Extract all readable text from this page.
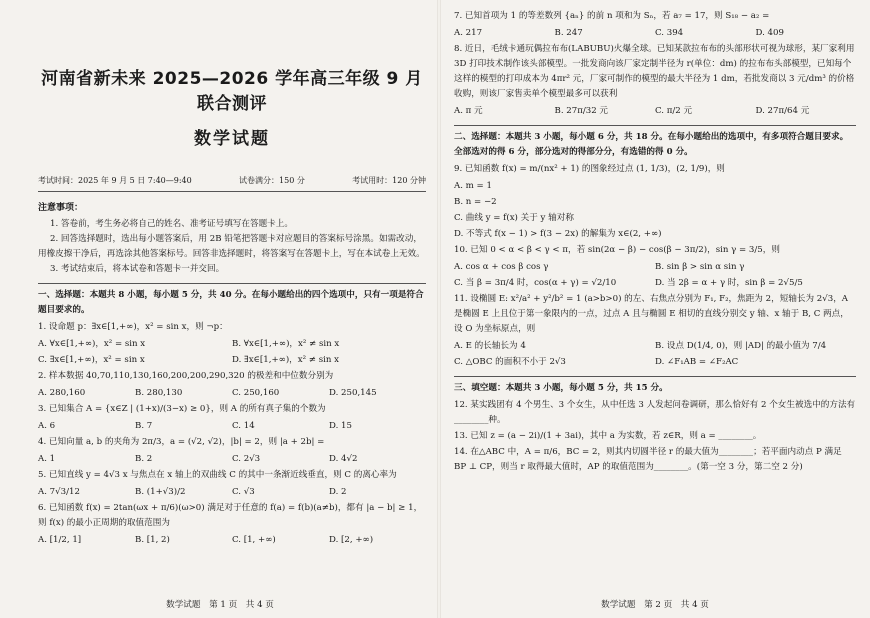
河南省新未来 2025—2026 学年高三年级 9 月联合测评
数学试题
考试时间：2025 年 9 月 5 日 7:40—9:40	试卷满分：150 分	考试用时：120 分钟
注意事项：

1. 答卷前，考生务必将自己的姓名、准考证号填写在答题卡上。

2. 回答选择题时，选出每小题答案后，用 2B 铅笔把答题卡对应题目的答案标号涂黑。如需改动，用橡皮擦干净后，再选涂其他答案标号。回答非选择题时，将答案写在答题卡上，写在本试卷上无效。

3. 考试结束后，将本试卷和答题卡一并交回。

一、选择题：本题共 8 小题，每小题 5 分，共 40 分。在每小题给出的四个选项中，只有一项是符合题目要求的。

1. 设命题 p：∃x∈[1,+∞)，x² = sin x，则 ¬p：

A. ∀x∈[1,+∞)，x² = sin x	B. ∀x∈[1,+∞)，x² ≠ sin x
C. ∃x∈[1,+∞)，x² = sin x	D. ∃x∈[1,+∞)，x² ≠ sin x

2. 样本数据 40,70,110,130,160,200,200,290,320 的极差和中位数分别为

A. 280,160	B. 280,130	C. 250,160	D. 250,145

3. 已知集合 A = {x∈Z | (1+x)/(3−x) ≥ 0}，则 A 的所有真子集的个数为

A. 6	B. 7	C. 14	D. 15

4. 已知向量 a, b 的夹角为 2π/3，a = (√2, √2)，|b| = 2，则 |a + 2b| =

A. 1	B. 2	C. 2√3	D. 4√2

5. 已知直线 y = 4√3 x 与焦点在 x 轴上的双曲线 C 的其中一条渐近线垂直，则 C 的离心率为

A. 7√3/12	B. (1+√3)/2	C. √3	D. 2

6. 已知函数 f(x) = 2tan(ωx + π/6)(ω>0) 满足对于任意的 f(a) = f(b)(a≠b)，都有 |a − b| ≥ 1，则 f(x) 的最小正周期的取值范围为

A. [1/2, 1]	B. [1, 2)	C. [1, +∞)	D. [2, +∞)
数学试题　第 1 页　共 4 页

7. 已知首项为 1 的等差数列 {aₙ} 的前 n 项和为 Sₙ，若 a₇ = 17，则 S₁₈ − a₂ =

A. 217	B. 247	C. 394	D. 409

8. 近日，毛绒卡通玩偶拉布布(LABUBU)火爆全球。已知某款拉布布的头部形状可视为球形，某厂家利用 3D 打印技术制作该头部模型。一批发商向该厂家定制半径为 r(单位：dm) 的拉布布头部模型，已知每个这样的模型的打印成本为 4πr² 元，厂家可制作的模型的最大半径为 1 dm，若批发商以 3 元/dm³ 的价格收购，则该厂家售卖单个模型最多可以获利

A. π 元	B. 27π/32 元	C. π/2 元	D. 27π/64 元
二、选择题：本题共 3 小题，每小题 6 分，共 18 分。在每小题给出的选项中，有多项符合题目要求。全部选对的得 6 分，部分选对的得部分分，有选错的得 0 分。

9. 已知函数 f(x) = m/(nx² + 1) 的图象经过点 (1, 1/3)，(2, 1/9)，则

A. m = 1
B. n = −2
C. 曲线 y = f(x) 关于 y 轴对称
D. 不等式 f(x − 1) > f(3 − 2x) 的解集为 x∈(2, +∞)

10. 已知 0 < α < β < γ < π，若 sin(2α − β) − cos(β − 3π/2)，sin γ = 3/5，则

A. cos α + cos β cos γ	B. sin β > sin α sin γ
C. 当 β = 3π/4 时，cos(α + γ) = √2/10	D. 当 2β = α + γ 时，sin β = 2√5/5

11. 设椭圆 E: x²/a² + y²/b² = 1 (a>b>0) 的左、右焦点分别为 F₁, F₂，焦距为 2，短轴长为 2√3，A 是椭圆 E 上且位于第一象限内的一点，过点 A 且与椭圆 E 相切的直线分别交 y 轴、x 轴于 B, C 两点，设 O 为坐标原点，则

A. E 的长轴长为 4	B. 设点 D(1/4, 0)，则 |AD| 的最小值为 7/4
C. △OBC 的面积不小于 2√3	D. ∠F₁AB = ∠F₂AC
三、填空题：本题共 3 小题，每小题 5 分，共 15 分。

12. 某实践团有 4 个男生、3 个女生，从中任选 3 人发起问卷调研，那么恰好有 2 个女生被选中的方法有________种。

13. 已知 z = (a − 2i)/(1 + 3ai)，其中 a 为实数，若 z∈R，则 a = ________。

14. 在△ABC 中，A = π/6，BC = 2，则其内切圆半径 r 的最大值为________；若平面内动点 P 满足 BP ⊥ CP，则当 r 取得最大值时，AP 的取值范围为________。(第一空 3 分，第二空 2 分)

数学试题　第 2 页　共 4 页
